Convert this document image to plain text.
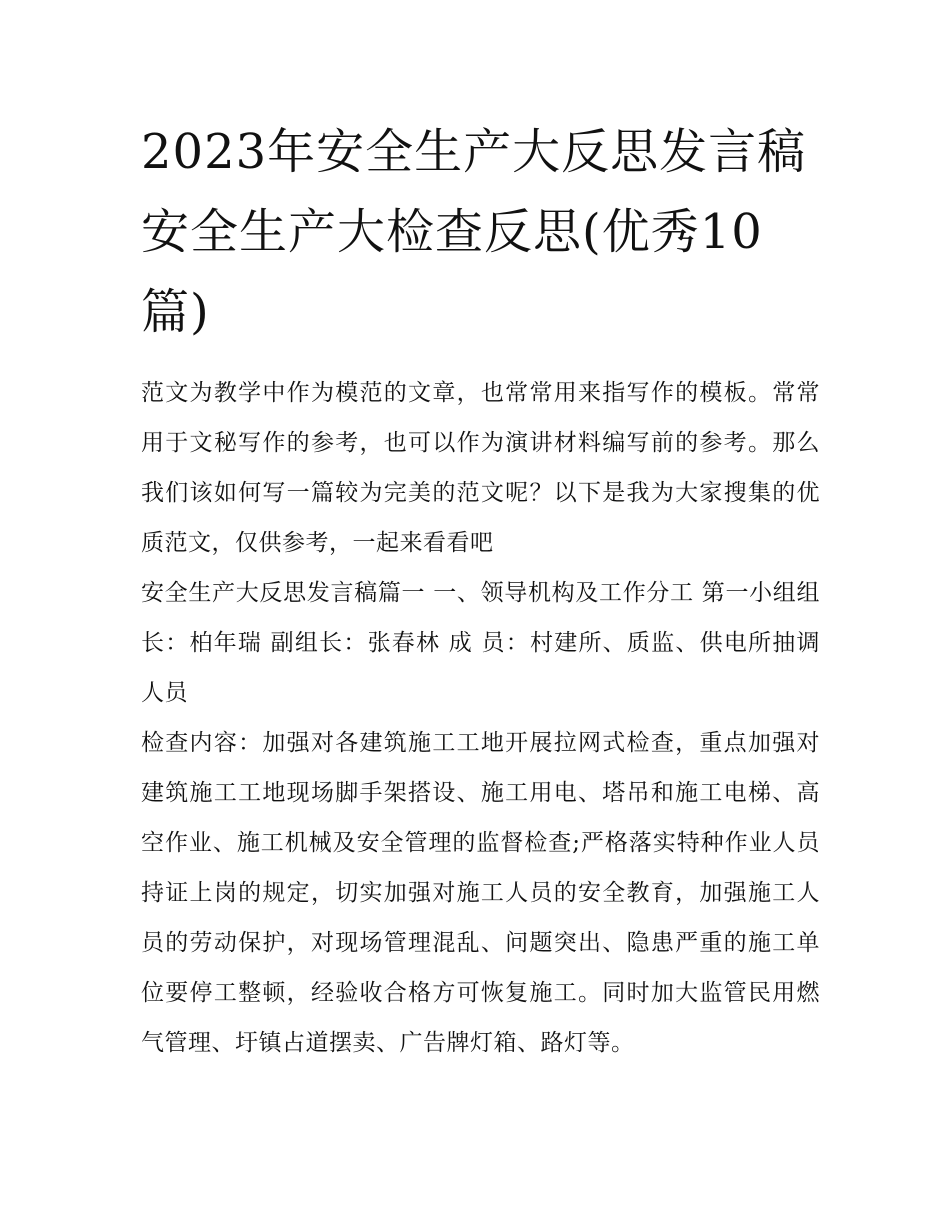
2023年安全生产大反思发言稿 安全生产大检查反思(优秀10篇)

范文为教学中作为模范的文章，也常常用来指写作的模板。常常用于文秘写作的参考，也可以作为演讲材料编写前的参考。那么我们该如何写一篇较为完美的范文呢？以下是我为大家搜集的优质范文，仅供参考，一起来看看吧

安全生产大反思发言稿篇一 一、领导机构及工作分工 第一小组组长：柏年瑞 副组长：张春林 成 员：村建所、质监、供电所抽调人员

检查内容：加强对各建筑施工工地开展拉网式检查，重点加强对建筑施工工地现场脚手架搭设、施工用电、塔吊和施工电梯、高空作业、施工机械及安全管理的监督检查;严格落实特种作业人员持证上岗的规定，切实加强对施工人员的安全教育，加强施工人员的劳动保护，对现场管理混乱、问题突出、隐患严重的施工单位要停工整顿，经验收合格方可恢复施工。同时加大监管民用燃气管理、圩镇占道摆卖、广告牌灯箱、路灯等。
